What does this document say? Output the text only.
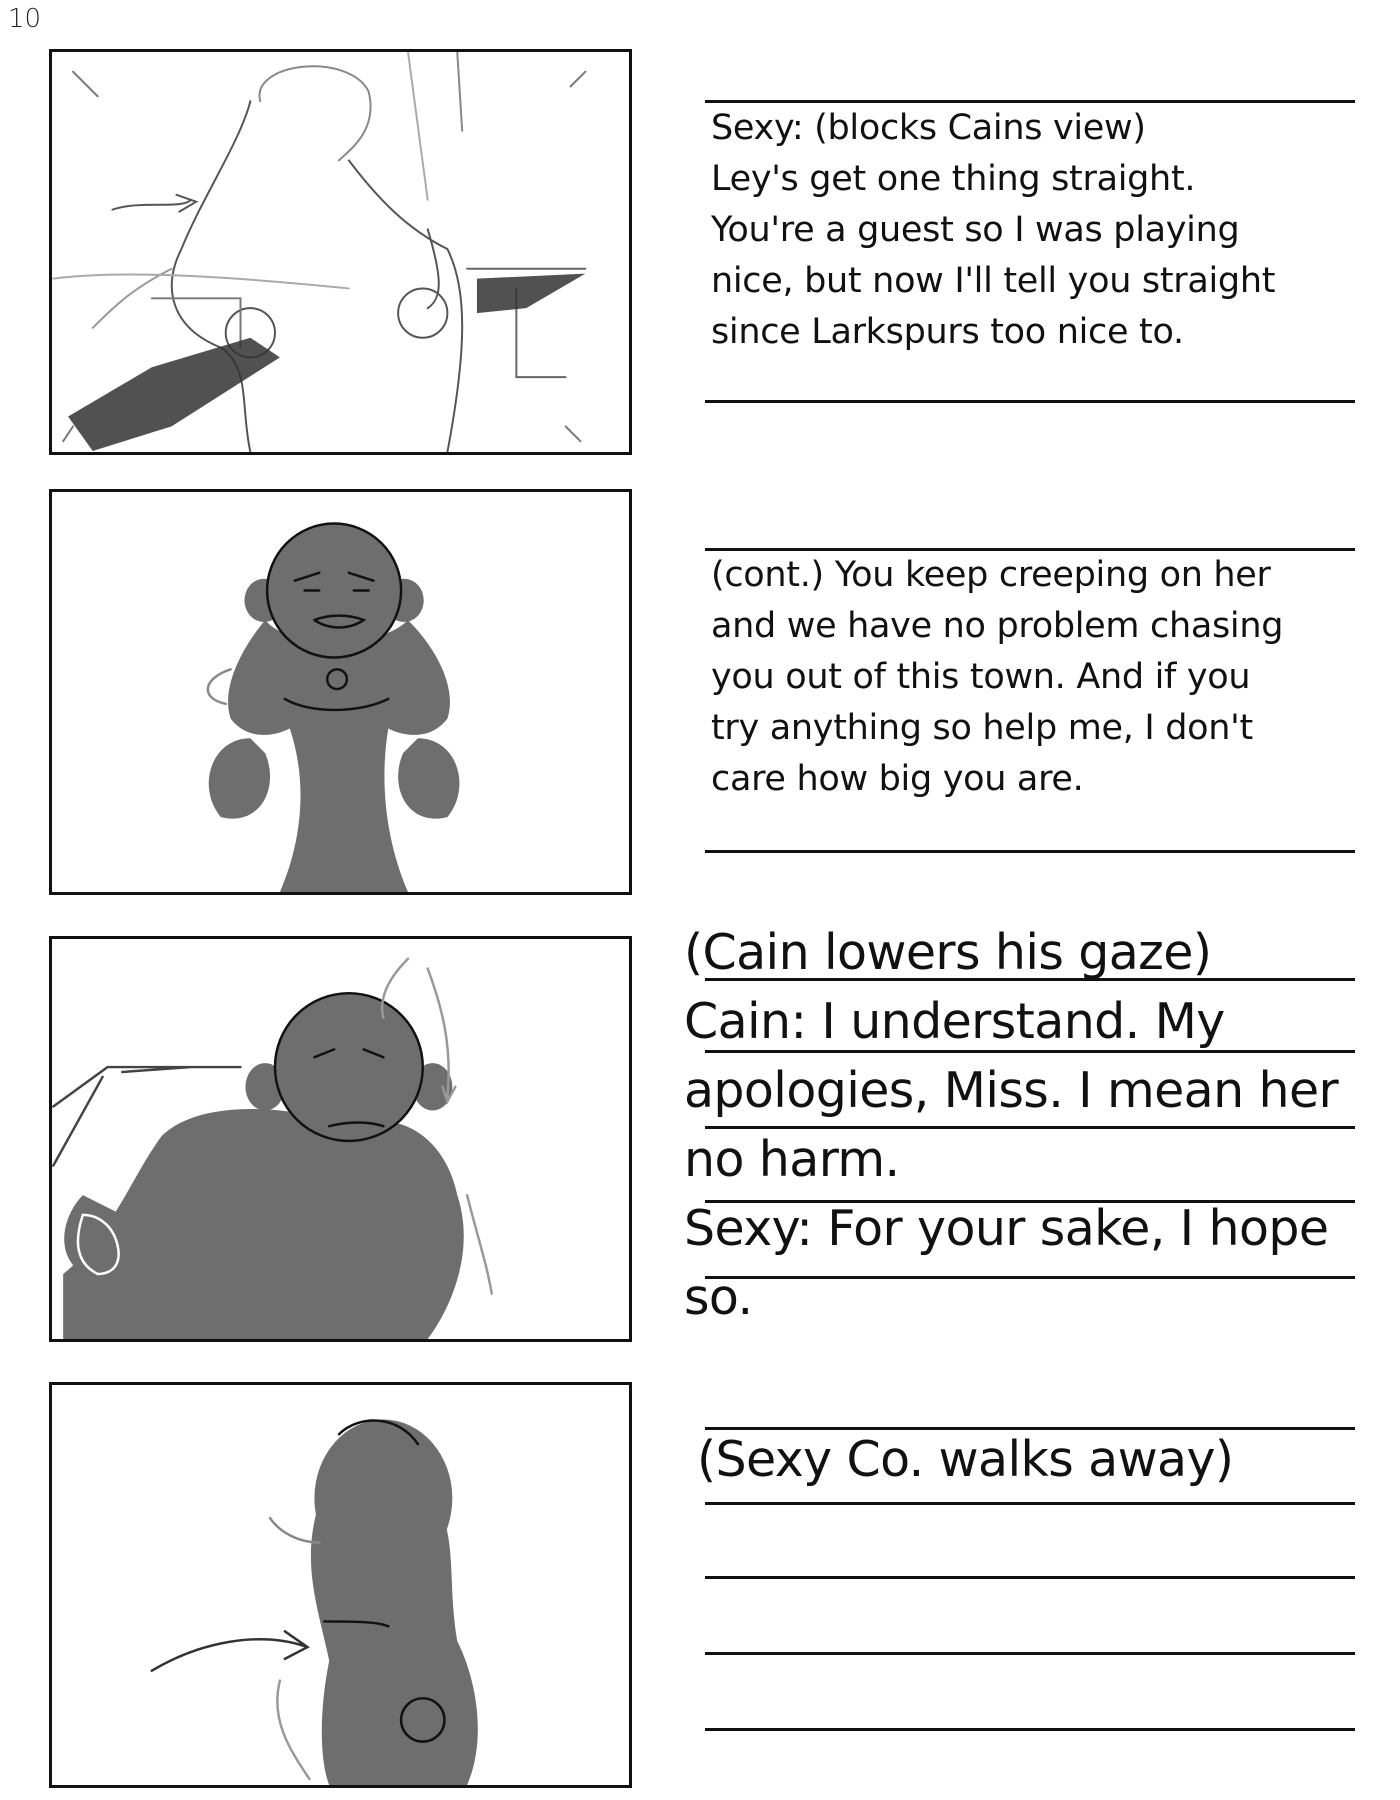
10
Sexy: (blocks Cains view)
Ley's get one thing straight.
You're a guest so I was playing
nice, but now I'll tell you straight
since Larkspurs too nice to.
(cont.) You keep creeping on her
and we have no problem chasing
you out of this town. And if you
try anything so help me, I don't
care how big you are.
(Cain lowers his gaze)
Cain: I understand. My
apologies, Miss. I mean her
no harm.
Sexy: For your sake, I hope
so.
(Sexy Co. walks away)
